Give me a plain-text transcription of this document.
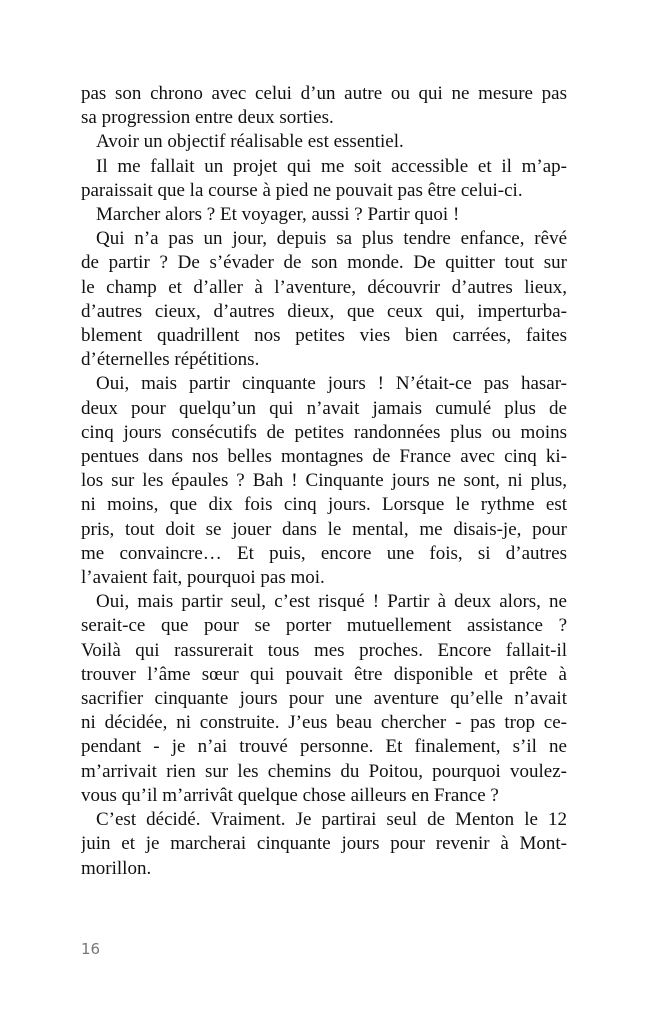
pas son chrono avec celui d’un autre ou qui ne mesure pas
sa progression entre deux sorties.

Avoir un objectif réalisable est essentiel.

Il me fallait un projet qui me soit accessible et il m’ap-
paraissait que la course à pied ne pouvait pas être celui-ci.

Marcher alors ? Et voyager, aussi ? Partir quoi !

Qui n’a pas un jour, depuis sa plus tendre enfance, rêvé
de partir ? De s’évader de son monde. De quitter tout sur
le champ et d’aller à l’aventure, découvrir d’autres lieux,
d’autres cieux, d’autres dieux, que ceux qui, imperturba-
blement quadrillent nos petites vies bien carrées, faites
d’éternelles répétitions.

Oui, mais partir cinquante jours ! N’était-ce pas hasar-
deux pour quelqu’un qui n’avait jamais cumulé plus de
cinq jours consécutifs de petites randonnées plus ou moins
pentues dans nos belles montagnes de France avec cinq ki-
los sur les épaules ? Bah ! Cinquante jours ne sont, ni plus,
ni moins, que dix fois cinq jours. Lorsque le rythme est
pris, tout doit se jouer dans le mental, me disais-je, pour
me convaincre… Et puis, encore une fois, si d’autres
l’avaient fait, pourquoi pas moi.

Oui, mais partir seul, c’est risqué ! Partir à deux alors, ne
serait-ce que pour se porter mutuellement assistance ?
Voilà qui rassurerait tous mes proches. Encore fallait-il
trouver l’âme sœur qui pouvait être disponible et prête à
sacrifier cinquante jours pour une aventure qu’elle n’avait
ni décidée, ni construite. J’eus beau chercher - pas trop ce-
pendant - je n’ai trouvé personne. Et finalement, s’il ne
m’arrivait rien sur les chemins du Poitou, pourquoi voulez-
vous qu’il m’arrivât quelque chose ailleurs en France ?

C’est décidé. Vraiment. Je partirai seul de Menton le 12
juin et je marcherai cinquante jours pour revenir à Mont-
morillon.

16
